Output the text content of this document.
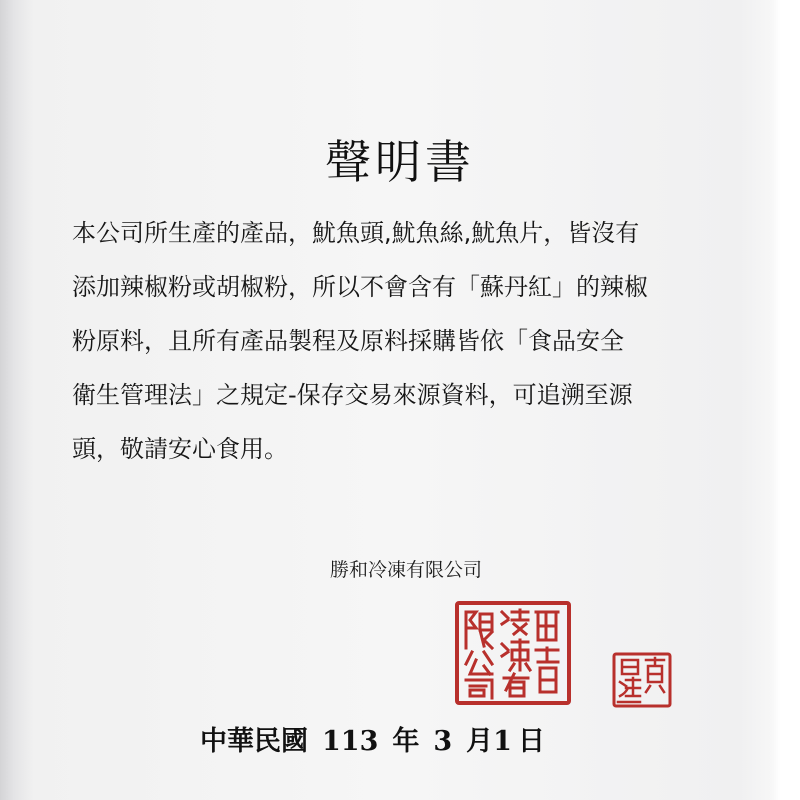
聲明書
本公司所生產的產品，魷魚頭,魷魚絲,魷魚片，皆沒有
添加辣椒粉或胡椒粉，所以不會含有「蘇丹紅」的辣椒
粉原料，且所有產品製程及原料採購皆依「食品安全
衛生管理法」之規定-保存交易來源資料，可追溯至源
頭，敬請安心食用。
勝和冷凍有限公司
中華民國 113 年 3 月1 日
